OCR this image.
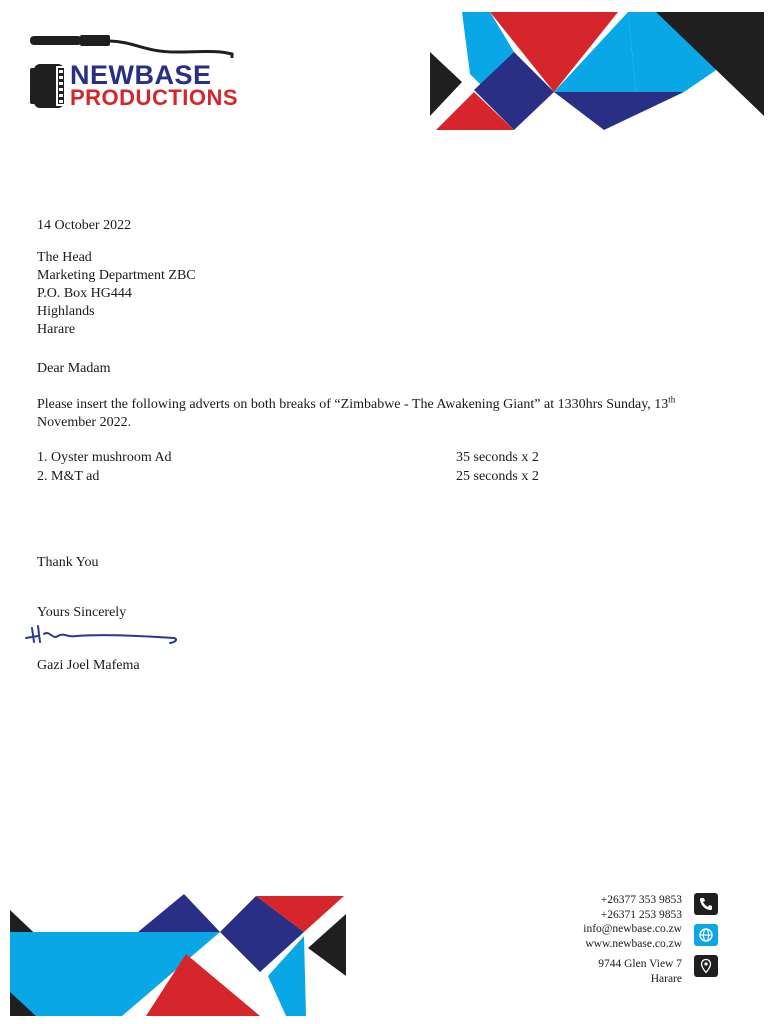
NEWBASE
PRODUCTIONS

14 October 2022

The Head

Marketing Department ZBC

P.O. Box HG444

Highlands

Harare

Dear Madam

Please insert the following adverts on both breaks of “Zimbabwe - The Awakening Giant” at 1330hrs Sunday, 13th November 2022.

1. Oyster mushroom Ad	35 seconds x 2

2. M&T ad	25 seconds x 2

Thank You

Yours Sincerely

Gazi Joel Mafema

+26377 353 9853
+26371 253 9853
info@newbase.co.zw
www.newbase.co.zw
9744 Glen View 7
Harare
